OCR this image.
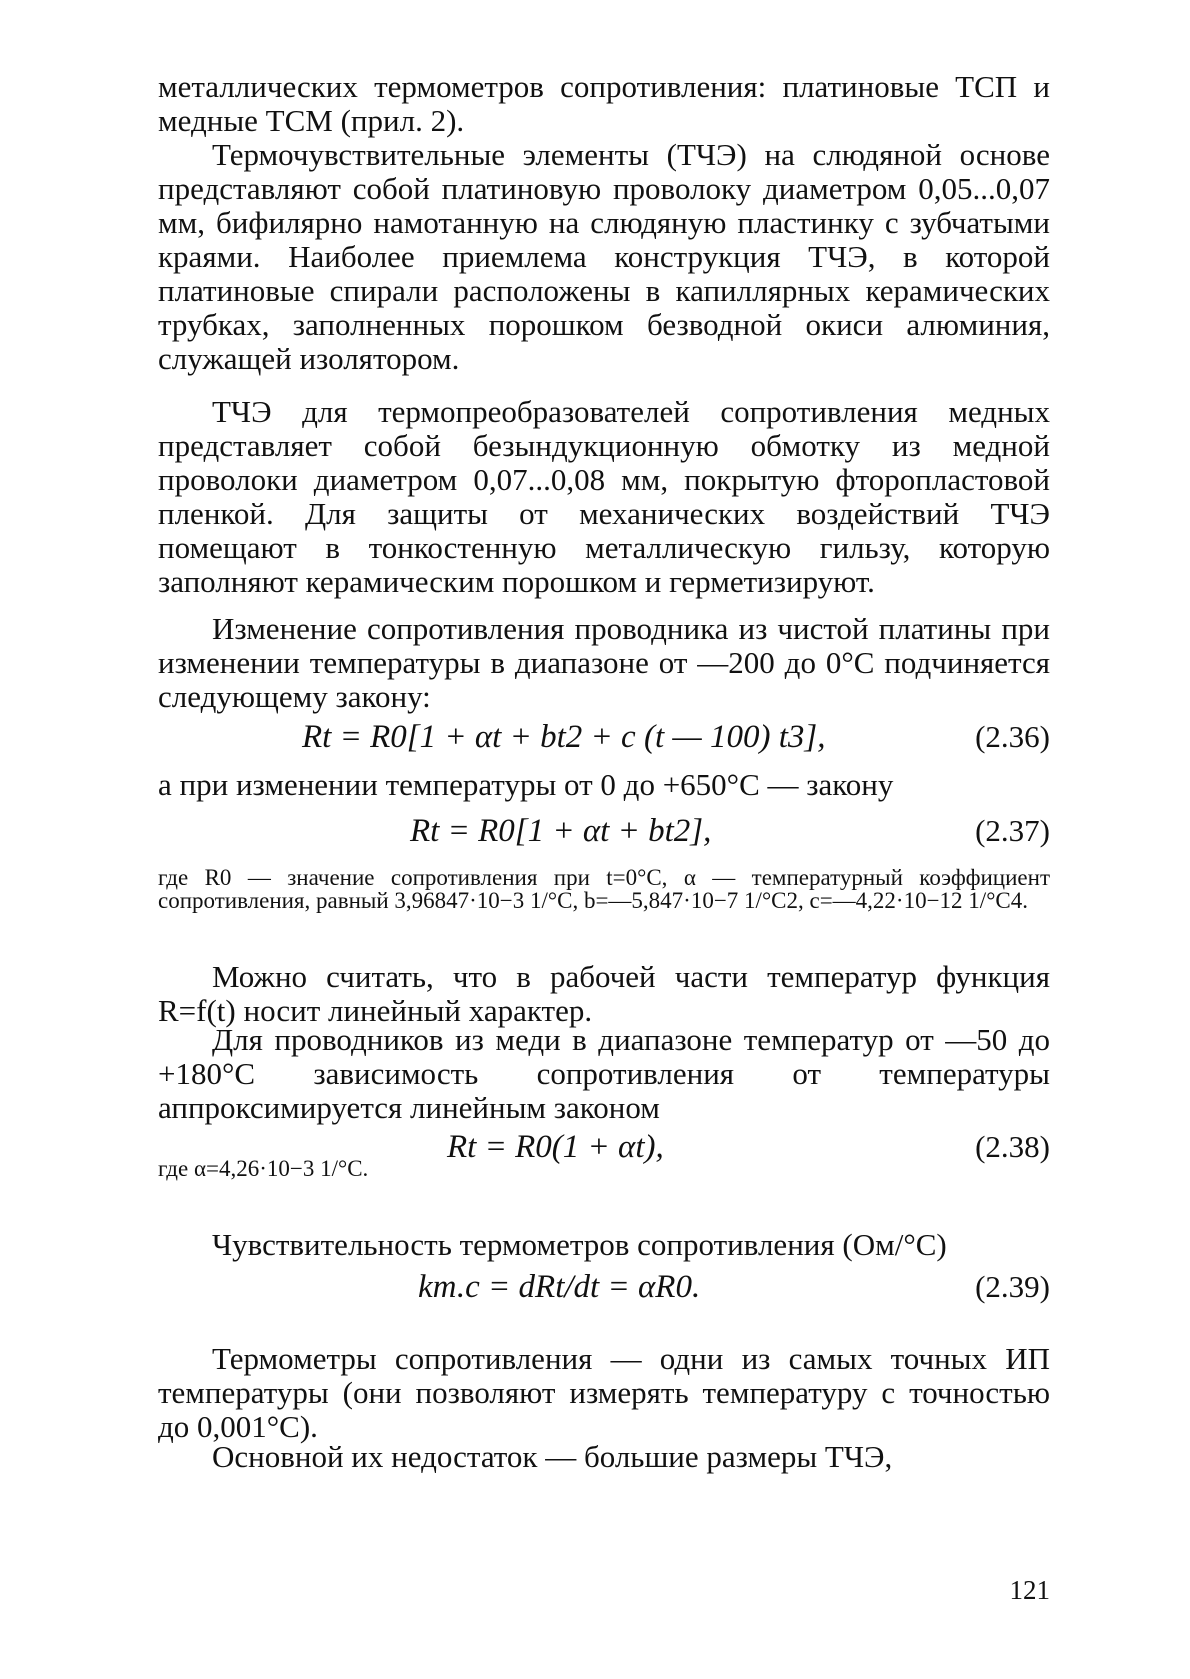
металлических термометров сопротивления: платиновые ТСП и медные ТСМ (прил. 2).

Термочувствительные элементы (ТЧЭ) на слюдяной основе представляют собой платиновую проволоку диаметром 0,05...0,07 мм, бифилярно намотанную на слюдяную пластинку с зубчатыми краями. Наиболее приемлема конструкция ТЧЭ, в которой платиновые спирали расположены в капиллярных керамических трубках, заполненных порошком безводной окиси алюминия, служащей изолятором.

ТЧЭ для термопреобразователей сопротивления медных представляет собой безындукционную обмотку из медной проволоки диаметром 0,07...0,08 мм, покрытую фторопластовой пленкой. Для защиты от механических воздействий ТЧЭ помещают в тонкостенную металлическую гильзу, которую заполняют керамическим порошком и герметизируют.

Изменение сопротивления проводника из чистой платины при изменении температуры в диапазоне от —200 до 0°С подчиняется следующему закону:

Rt = R0[1 + αt + bt2 + c (t — 100) t3],	(2.36)

а при изменении температуры от 0 до +650°С — закону

Rt = R0[1 + αt + bt2],	(2.37)

где R0 — значение сопротивления при t=0°С, α — температурный коэффициент сопротивления, равный 3,96847·10−3 1/°С, b=—5,847·10−7 1/°С2, c=—4,22·10−12 1/°С4.

Можно считать, что в рабочей части температур функция R=f(t) носит линейный характер.

Для проводников из меди в диапазоне температур от —50 до +180°С зависимость сопротивления от температуры аппроксимируется линейным законом

Rt = R0(1 + αt),	(2.38)
где α=4,26·10−3 1/°С.

Чувствительность термометров сопротивления (Ом/°С)

kт.с = dRt/dt = αR0.	(2.39)

Термометры сопротивления — одни из самых точных ИП температуры (они позволяют измерять температуру с точностью до 0,001°С).

Основной их недостаток — большие размеры ТЧЭ,

121
